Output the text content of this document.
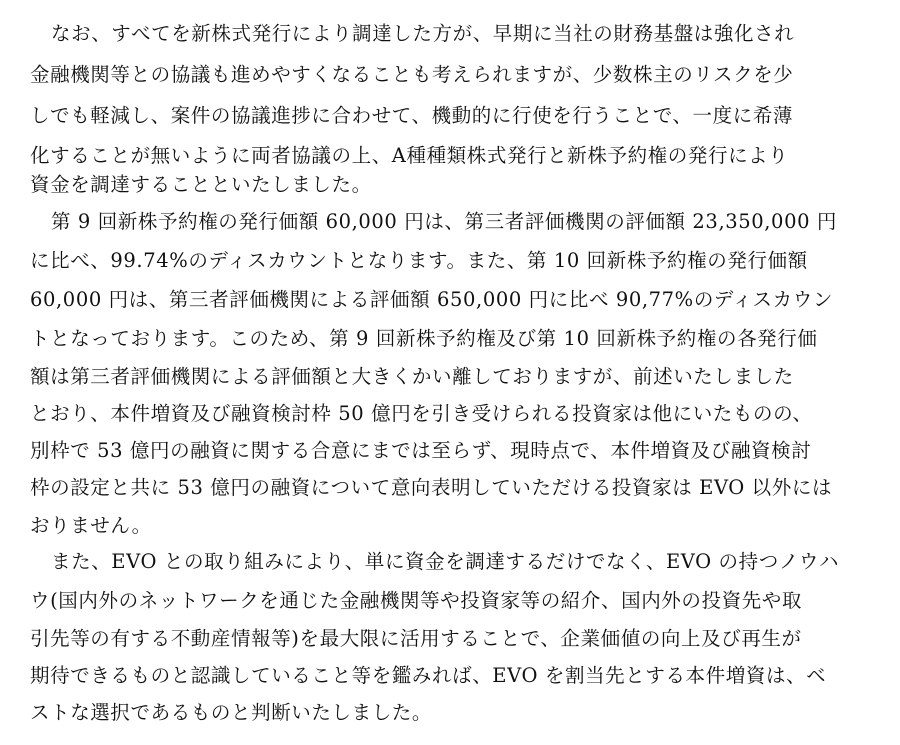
なお、すべてを新株式発行により調達した方が、早期に当社の財務基盤は強化され
金融機関等との協議も進めやすくなることも考えられますが、少数株主のリスクを少
しでも軽減し、案件の協議進捗に合わせて、機動的に行使を行うことで、一度に希薄
化することが無いように両者協議の上、A種種類株式発行と新株予約権の発行により
資金を調達することといたしました。
第 9 回新株予約権の発行価額 60,000 円は、第三者評価機関の評価額 23,350,000 円
に比べ、99.74%のディスカウントとなります。また、第 10 回新株予約権の発行価額
60,000 円は、第三者評価機関による評価額 650,000 円に比べ 90,77%のディスカウン
トとなっております。このため、第 9 回新株予約権及び第 10 回新株予約権の各発行価
額は第三者評価機関による評価額と大きくかい離しておりますが、前述いたしました
とおり、本件増資及び融資検討枠 50 億円を引き受けられる投資家は他にいたものの、
別枠で 53 億円の融資に関する合意にまでは至らず、現時点で、本件増資及び融資検討
枠の設定と共に 53 億円の融資について意向表明していただける投資家は EVO 以外には
おりません。
また、EVO との取り組みにより、単に資金を調達するだけでなく、EVO の持つノウハ
ウ(国内外のネットワークを通じた金融機関等や投資家等の紹介、国内外の投資先や取
引先等の有する不動産情報等)を最大限に活用することで、企業価値の向上及び再生が
期待できるものと認識していること等を鑑みれば、EVO を割当先とする本件増資は、ベ
ストな選択であるものと判断いたしました。
